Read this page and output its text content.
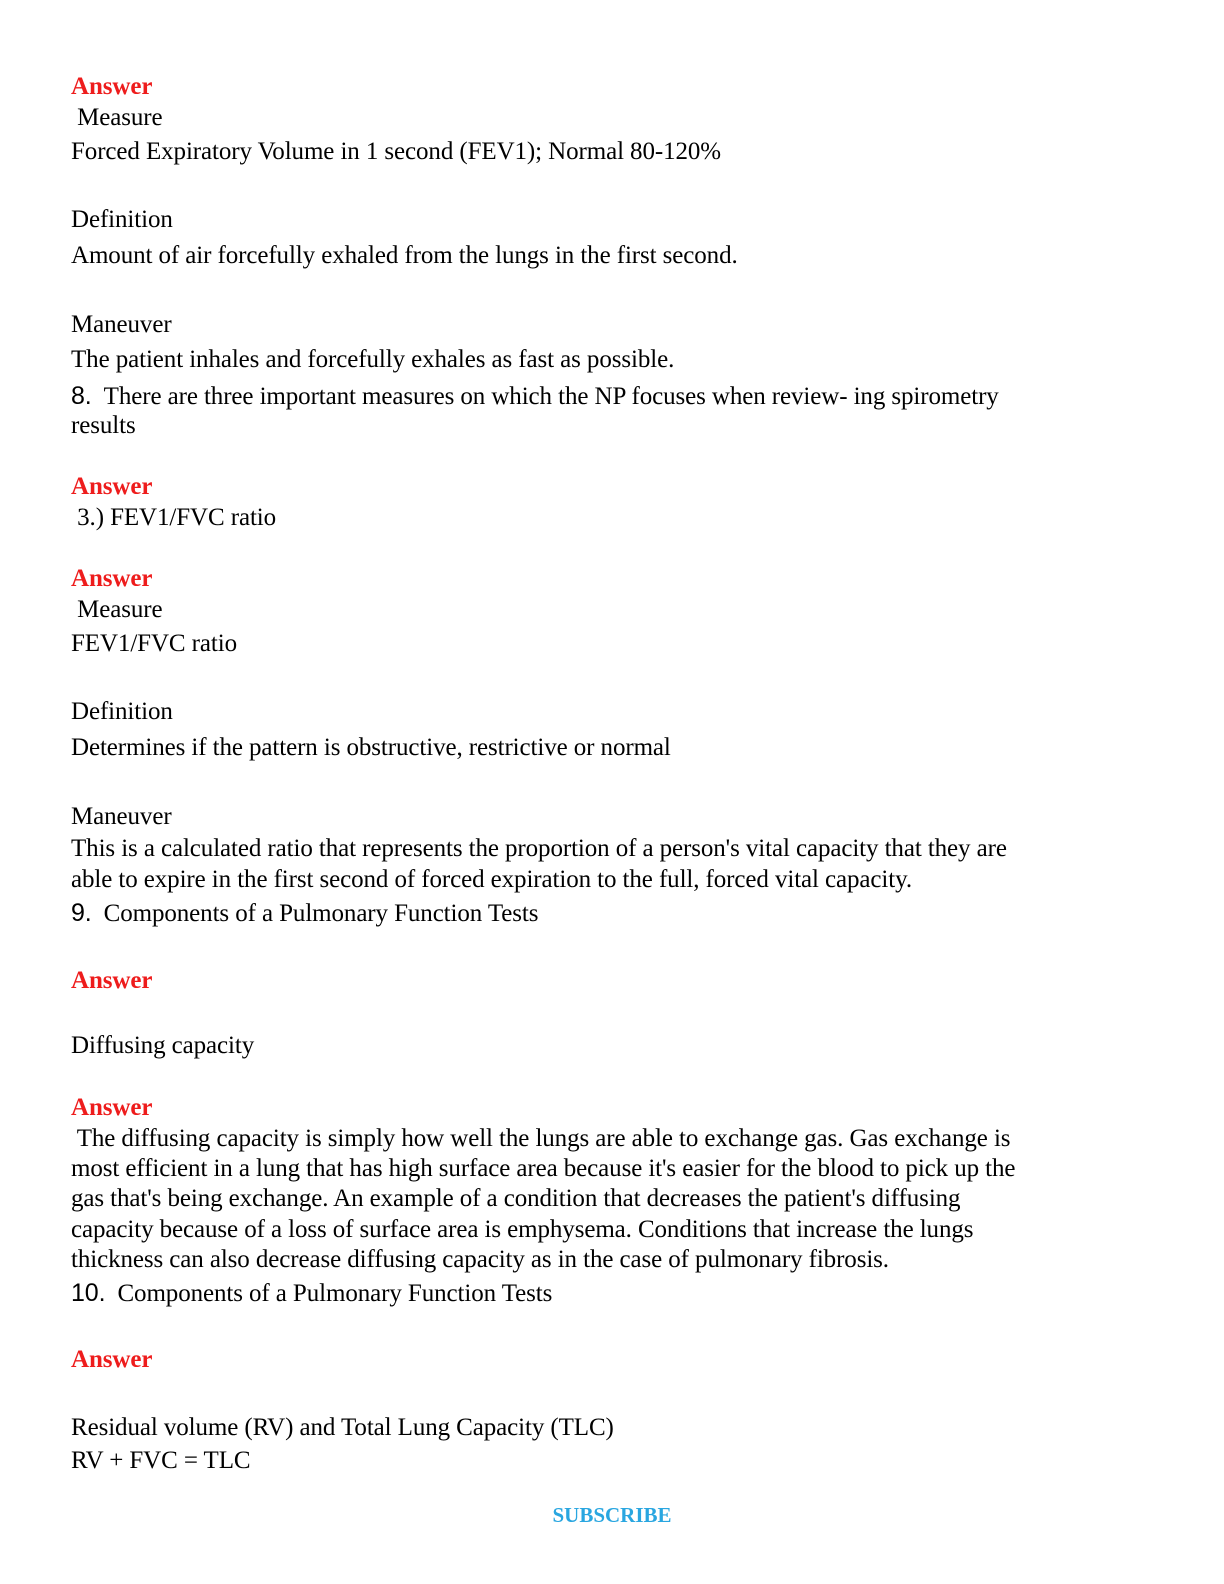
Answer
Measure
Forced Expiratory Volume in 1 second (FEV1); Normal 80-120%
Definition
Amount of air forcefully exhaled from the lungs in the first second.
Maneuver
The patient inhales and forcefully exhales as fast as possible.
8. There are three important measures on which the NP focuses when review- ing spirometry
results
Answer
3.) FEV1/FVC ratio
Answer
Measure
FEV1/FVC ratio
Definition
Determines if the pattern is obstructive, restrictive or normal
Maneuver
This is a calculated ratio that represents the proportion of a person's vital capacity that they are
able to expire in the first second of forced expiration to the full, forced vital capacity.
9. Components of a Pulmonary Function Tests
Answer
Diffusing capacity
Answer
The diffusing capacity is simply how well the lungs are able to exchange gas. Gas exchange is
most efficient in a lung that has high surface area because it's easier for the blood to pick up the
gas that's being exchange. An example of a condition that decreases the patient's diffusing
capacity because of a loss of surface area is emphysema. Conditions that increase the lungs
thickness can also decrease diffusing capacity as in the case of pulmonary fibrosis.
10. Components of a Pulmonary Function Tests
Answer
Residual volume (RV) and Total Lung Capacity (TLC)
RV + FVC = TLC
SUBSCRIBE
